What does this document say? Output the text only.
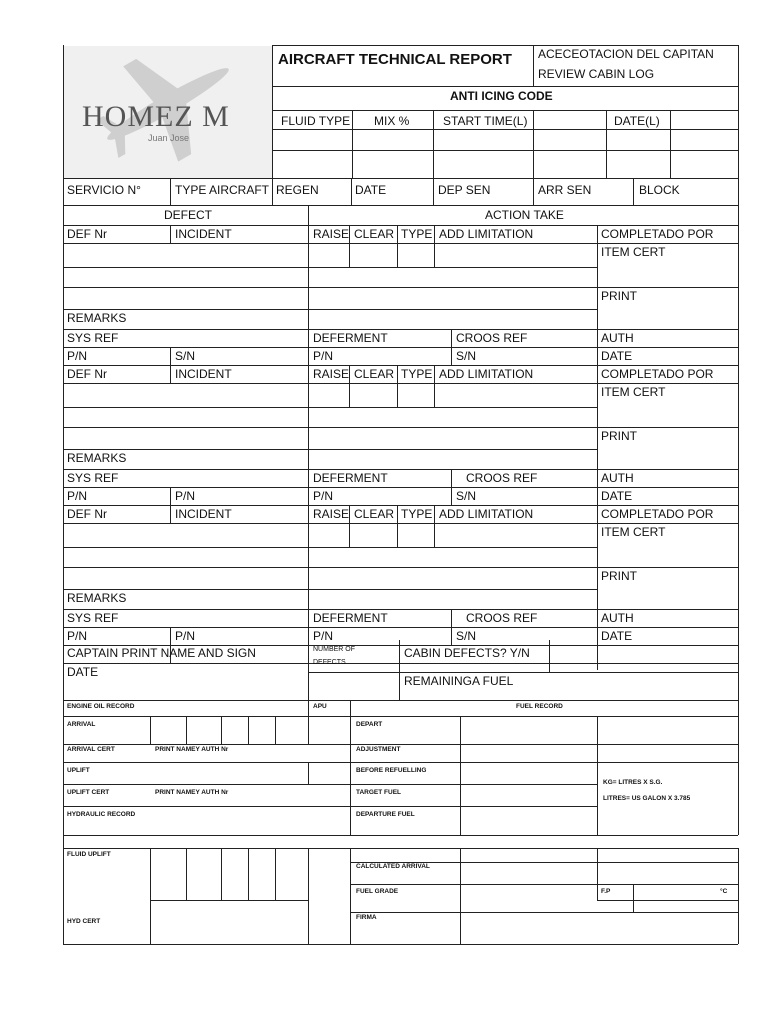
HOMEZ M
Juan Jose
AIRCRAFT TECHNICAL REPORT ACECEOTACION DEL CAPITAN
REVIEW CABIN LOG
ANTI ICING CODE
FLUID TYPE MIX %	START TIME(L)	DATE(L)
SERVICIO N°	TYPE AIRCRAFT REGEN	DATE	DEP SEN	ARR SEN	BLOCK
DEFECT	ACTION TAKE
DEF Nr	INCIDENT	RAISE CLEAR TYPE ADD LIMITATION	COMPLETADO POR
ITEM CERT
PRINT
REMARKS
SYS REF	DEFERMENT	CROOS REF	AUTH
P/N	S/N	P/N	S/N	DATE
DEF Nr	INCIDENT	RAISE CLEAR TYPE ADD LIMITATION	COMPLETADO POR
ITEM CERT
PRINT
REMARKS
SYS REF	DEFERMENT	CROOS REF	AUTH
P/N	P/N	P/N	S/N	DATE
DEF Nr	INCIDENT	RAISE CLEAR TYPE ADD LIMITATION	COMPLETADO POR
ITEM CERT
PRINT
REMARKS
SYS REF	DEFERMENT	CROOS REF	AUTH
P/N	P/N	P/N	S/N	DATE
CAPTAIN PRINT NAME AND SIGN
DATE
NUMBER OF
DEFECTS
CABIN DEFECTS? Y/N
REMAININGA FUEL
ENGINE OIL RECORD	APU	FUEL RECORD
ARRIVAL	DEPART
ARRIVAL CERT	PRINT NAMEY AUTH Nr	ADJUSTMENT
UPLIFT	BEFORE REFUELLING
UPLIFT CERT	PRINT NAMEY AUTH Nr	TARGET FUEL
KG= LITRES X S.G.
LITRES= US GALON X 3.785
HYDRAULIC RECORD	DEPARTURE FUEL
FLUID UPLIFT
CALCULATED ARRIVAL
FUEL GRADE	F.P	°C
HYD CERT
FIRMA
